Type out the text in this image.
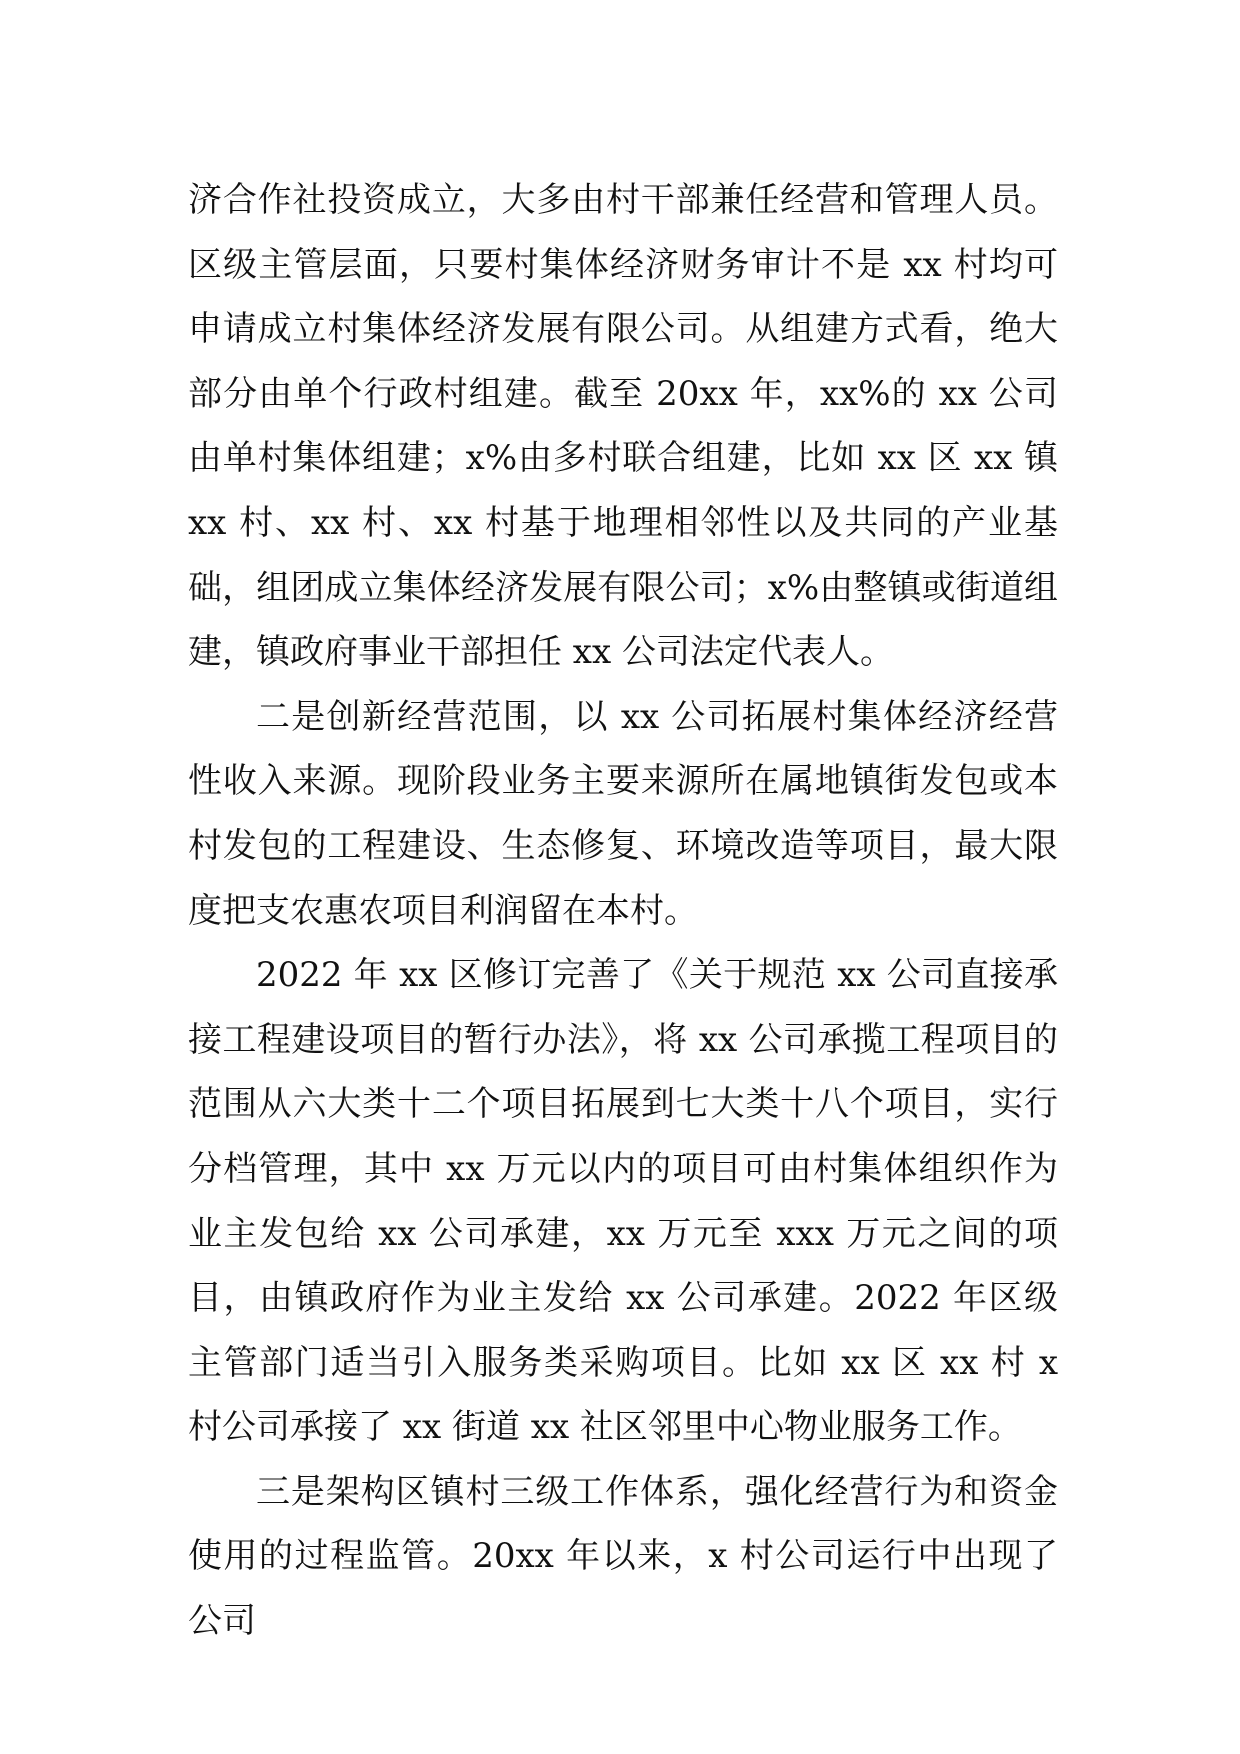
济合作社投资成立，大多由村干部兼任经营和管理人员。区级主管层面，只要村集体经济财务审计不是 xx 村均可申请成立村集体经济发展有限公司。从组建方式看，绝大部分由单个行政村组建。截至 20xx 年，xx%的 xx 公司由单村集体组建；x%由多村联合组建，比如 xx 区 xx 镇 xx 村、xx 村、xx 村基于地理相邻性以及共同的产业基础，组团成立集体经济发展有限公司；x%由整镇或街道组建，镇政府事业干部担任 xx 公司法定代表人。

二是创新经营范围，以 xx 公司拓展村集体经济经营性收入来源。现阶段业务主要来源所在属地镇街发包或本村发包的工程建设、生态修复、环境改造等项目，最大限度把支农惠农项目利润留在本村。

2022 年 xx 区修订完善了《关于规范 xx 公司直接承接工程建设项目的暂行办法》，将 xx 公司承揽工程项目的范围从六大类十二个项目拓展到七大类十八个项目，实行分档管理，其中 xx 万元以内的项目可由村集体组织作为业主发包给 xx 公司承建，xx 万元至 xxx 万元之间的项目，由镇政府作为业主发给 xx 公司承建。2022 年区级主管部门适当引入服务类采购项目。比如 xx 区 xx 村 x 村公司承接了 xx 街道 xx 社区邻里中心物业服务工作。

三是架构区镇村三级工作体系，强化经营行为和资金使用的过程监管。20xx 年以来，x 村公司运行中出现了公司
